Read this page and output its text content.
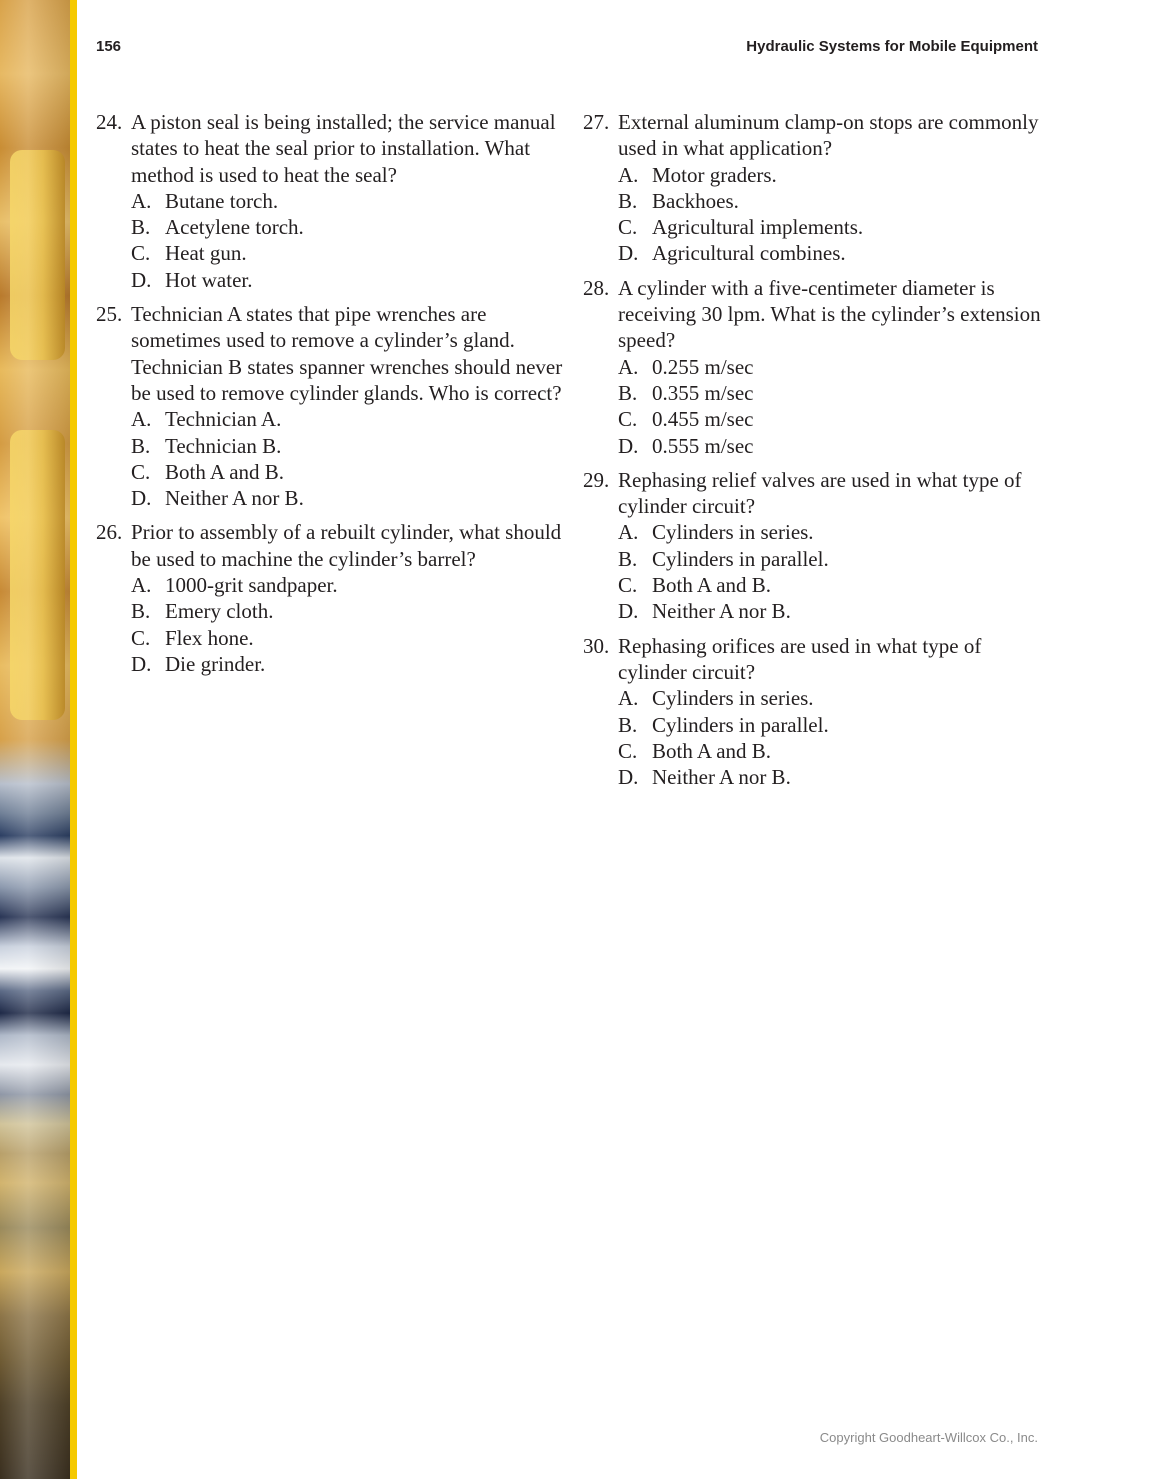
156	Hydraulic Systems for Mobile Equipment
24. A piston seal is being installed; the service manual states to heat the seal prior to installation. What method is used to heat the seal?
A. Butane torch.
B. Acetylene torch.
C. Heat gun.
D. Hot water.
25. Technician A states that pipe wrenches are sometimes used to remove a cylinder’s gland. Technician B states spanner wrenches should never be used to remove cylinder glands. Who is correct?
A. Technician A.
B. Technician B.
C. Both A and B.
D. Neither A nor B.
26. Prior to assembly of a rebuilt cylinder, what should be used to machine the cylinder’s barrel?
A. 1000-grit sandpaper.
B. Emery cloth.
C. Flex hone.
D. Die grinder.
27. External aluminum clamp-on stops are commonly used in what application?
A. Motor graders.
B. Backhoes.
C. Agricultural implements.
D. Agricultural combines.
28. A cylinder with a five-centimeter diameter is receiving 30 lpm. What is the cylinder’s extension speed?
A. 0.255 m/sec
B. 0.355 m/sec
C. 0.455 m/sec
D. 0.555 m/sec
29. Rephasing relief valves are used in what type of cylinder circuit?
A. Cylinders in series.
B. Cylinders in parallel.
C. Both A and B.
D. Neither A nor B.
30. Rephasing orifices are used in what type of cylinder circuit?
A. Cylinders in series.
B. Cylinders in parallel.
C. Both A and B.
D. Neither A nor B.
Copyright Goodheart-Willcox Co., Inc.
